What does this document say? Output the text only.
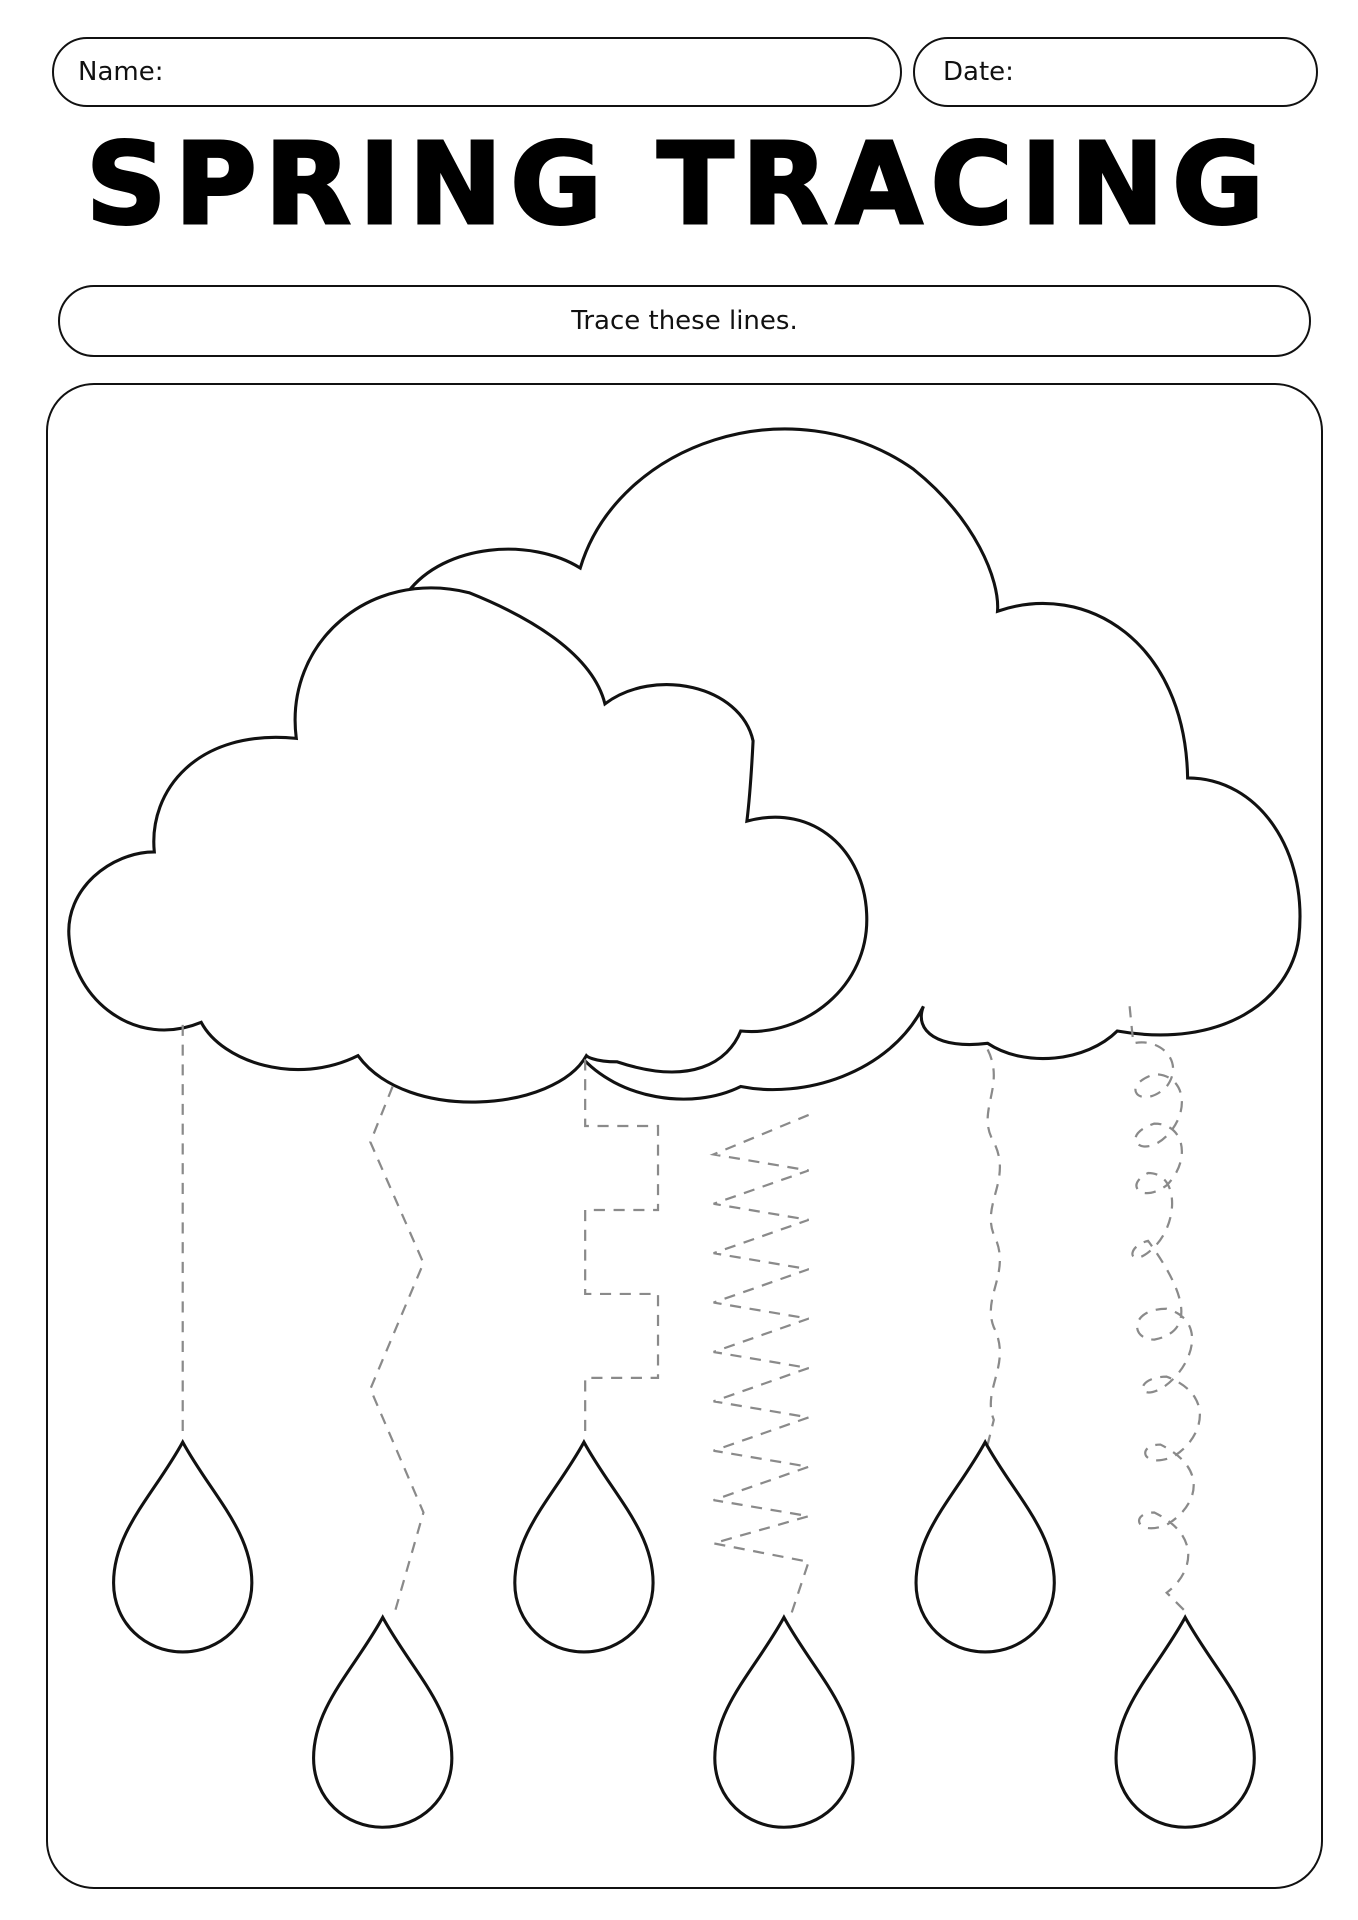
Name:	Date:
SPRING TRACING
Trace these lines.
